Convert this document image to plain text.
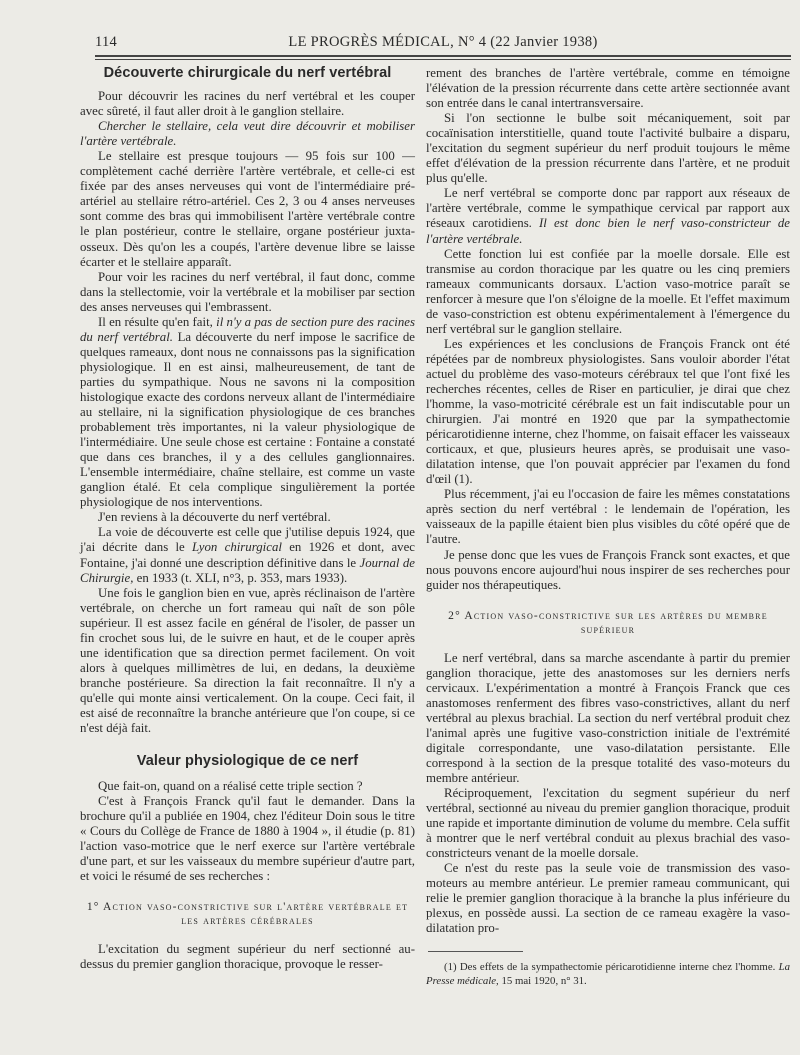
114	LE PROGRÈS MÉDICAL, N° 4 (22 Janvier 1938)
Découverte chirurgicale du nerf vertébral

Pour découvrir les racines du nerf vertébral et les couper avec sûreté, il faut aller droit à le ganglion stellaire.

Chercher le stellaire, cela veut dire découvrir et mobiliser l'artère vertébrale.

Le stellaire est presque toujours — 95 fois sur 100 — complètement caché derrière l'artère vertébrale, et celle-ci est fixée par des anses nerveuses qui vont de l'intermédiaire pré-artériel au stellaire rétro-artériel. Ces 2, 3 ou 4 anses nerveuses sont comme des bras qui immobilisent l'artère vertébrale contre le plan postérieur, contre le stellaire, organe postérieur juxta-osseux. Dès qu'on les a coupés, l'artère devenue libre se laisse écarter et le stellaire apparaît.

Pour voir les racines du nerf vertébral, il faut donc, comme dans la stellectomie, voir la vertébrale et la mobiliser par section des anses nerveuses qui l'embrassent.

Il en résulte qu'en fait, il n'y a pas de section pure des racines du nerf vertébral. La découverte du nerf impose le sacrifice de quelques rameaux, dont nous ne connaissons pas la signification physiologique. Il en est ainsi, malheureusement, de tant de parties du sympathique. Nous ne savons ni la composition histologique exacte des cordons nerveux allant de l'intermédiaire au stellaire, ni la signification physiologique de ces branches probablement très importantes, ni la valeur physiologique de l'intermédiaire. Une seule chose est certaine : Fontaine a constaté que dans ces branches, il y a des cellules ganglionnaires. L'ensemble intermédiaire, chaîne stellaire, est comme un vaste ganglion étalé. Et cela complique singulièrement la portée physiologique de nos interventions.

J'en reviens à la découverte du nerf vertébral.

La voie de découverte est celle que j'utilise depuis 1924, que j'ai décrite dans le Lyon chirurgical en 1926 et dont, avec Fontaine, j'ai donné une description définitive dans le Journal de Chirurgie, en 1933 (t. XLI, n°3, p. 353, mars 1933).

Une fois le ganglion bien en vue, après réclinaison de l'artère vertébrale, on cherche un fort rameau qui naît de son pôle supérieur. Il est assez facile en général de l'isoler, de passer un fin crochet sous lui, de le suivre en haut, et de le couper après une identification que sa direction permet facilement. On voit alors à quelques millimètres de lui, en dedans, la deuxième branche postérieure. Sa direction la fait reconnaître. Il n'y a qu'elle qui monte ainsi verticalement. On la coupe. Ceci fait, il est aisé de reconnaître la branche antérieure que l'on coupe, si ce n'est déjà fait.

Valeur physiologique de ce nerf

Que fait-on, quand on a réalisé cette triple section ?

C'est à François Franck qu'il faut le demander. Dans la brochure qu'il a publiée en 1904, chez l'éditeur Doin sous le titre « Cours du Collège de France de 1880 à 1904 », il étudie (p. 81) l'action vaso-motrice que le nerf exerce sur l'artère vertébrale d'une part, et sur les vaisseaux du membre supérieur d'autre part, et voici le résumé de ses recherches :

1° Action vaso-constrictive sur l'artère vertébrale et les artères cérébrales

L'excitation du segment supérieur du nerf sectionné au-dessus du premier ganglion thoracique, provoque le resser-

rement des branches de l'artère vertébrale, comme en témoigne l'élévation de la pression récurrente dans cette artère sectionnée avant son entrée dans le canal intertransversaire.

Si l'on sectionne le bulbe soit mécaniquement, soit par cocaïnisation interstitielle, quand toute l'activité bulbaire a disparu, l'excitation du segment supérieur du nerf produit toujours le même effet d'élévation de la pression récurrente dans l'artère, et ne produit plus qu'elle.

Le nerf vertébral se comporte donc par rapport aux réseaux de l'artère vertébrale, comme le sympathique cervical par rapport aux réseaux carotidiens. Il est donc bien le nerf vaso-constricteur de l'artère vertébrale.

Cette fonction lui est confiée par la moelle dorsale. Elle est transmise au cordon thoracique par les quatre ou les cinq premiers rameaux communicants dorsaux. L'action vaso-motrice paraît se renforcer à mesure que l'on s'éloigne de la moelle. Et l'effet maximum de vaso-constriction est obtenu expérimentalement à l'émergence du nerf vertébral sur le ganglion stellaire.

Les expériences et les conclusions de François Franck ont été répétées par de nombreux physiologistes. Sans vouloir aborder l'état actuel du problème des vaso-moteurs cérébraux tel que l'ont fixé les recherches récentes, celles de Riser en particulier, je dirai que chez l'homme, la vaso-motricité cérébrale est un fait indiscutable pour un chirurgien. J'ai montré en 1920 que par la sympathectomie péricarotidienne interne, chez l'homme, on faisait effacer les vaisseaux corticaux, et que, plusieurs heures après, se produisait une vaso-dilatation intense, que l'on pouvait apprécier par l'examen du fond d'œil (1).

Plus récemment, j'ai eu l'occasion de faire les mêmes constatations après section du nerf vertébral : le lendemain de l'opération, les vaisseaux de la papille étaient bien plus visibles du côté opéré que de l'autre.

Je pense donc que les vues de François Franck sont exactes, et que nous pouvons encore aujourd'hui nous inspirer de ses recherches pour guider nos thérapeutiques.

2° Action vaso-constrictive sur les artères du membre supérieur

Le nerf vertébral, dans sa marche ascendante à partir du premier ganglion thoracique, jette des anastomoses sur les derniers nerfs cervicaux. L'expérimentation a montré à François Franck que ces anastomoses renferment des fibres vaso-constrictives, allant du nerf vertébral au plexus brachial. La section du nerf vertébral produit chez l'animal après une fugitive vaso-constriction initiale de l'extrémité digitale correspondante, une vaso-dilatation persistante. Elle correspond à la section de la presque totalité des vaso-moteurs du membre antérieur.

Réciproquement, l'excitation du segment supérieur du nerf vertébral, sectionné au niveau du premier ganglion thoracique, produit une rapide et importante diminution de volume du membre. Cela suffit à montrer que le nerf vertébral conduit au plexus brachial des vaso-constricteurs venant de la moelle dorsale.

Ce n'est du reste pas la seule voie de transmission des vaso-moteurs au membre antérieur. Le premier rameau communicant, qui relie le premier ganglion thoracique à la branche la plus inférieure du plexus, en possède aussi. La section de ce rameau exagère la vaso-dilatation pro-

(1) Des effets de la sympathectomie péricarotidienne interne chez l'homme. La Presse médicale, 15 mai 1920, n° 31.
